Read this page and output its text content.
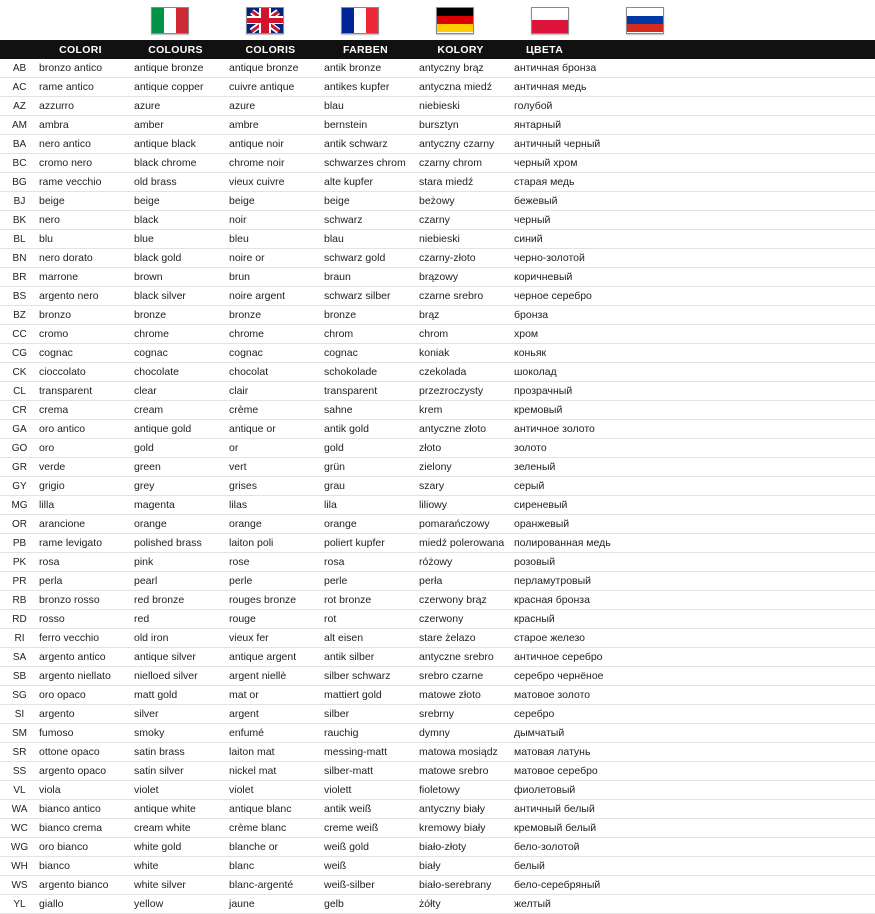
COLORI	COLOURS	COLORIS	FARBEN	KOLORY	ЦВЕТА
AB	bronzo antico	antique bronze	antique bronze	antik bronze	antyczny brąz	античная бронза	
AC	rame antico	antique copper	cuivre antique	antikes kupfer	antyczna miedź	античная медь	
AZ	azzurro	azure	azure	blau	niebieski	голубой	
AM	ambra	amber	ambre	bernstein	bursztyn	янтарный	
BA	nero antico	antique black	antique noir	antik schwarz	antyczny czarny	античный черный	
BC	cromo nero	black chrome	chrome noir	schwarzes chrom	czarny chrom	черный хром	
BG	rame vecchio	old brass	vieux cuivre	alte kupfer	stara miedź	старая медь	
BJ	beige	beige	beige	beige	beżowy	бежевый	
BK	nero	black	noir	schwarz	czarny	черный	
BL	blu	blue	bleu	blau	niebieski	синий	
BN	nero dorato	black gold	noire or	schwarz gold	czarny-złoto	черно-золотой	
BR	marrone	brown	brun	braun	brązowy	коричневый	
BS	argento nero	black silver	noire argent	schwarz silber	czarne srebro	черное серебро	
BZ	bronzo	bronze	bronze	bronze	brąz	бронза	
CC	cromo	chrome	chrome	chrom	chrom	хром	
CG	cognac	cognac	cognac	cognac	koniak	коньяк	
CK	cioccolato	chocolate	chocolat	schokolade	czekolada	шоколад	
CL	transparent	clear	clair	transparent	przezroczysty	прозрачный	
CR	crema	cream	crème	sahne	krem	кремовый	
GA	oro antico	antique gold	antique or	antik gold	antyczne złoto	античное золото	
GO	oro	gold	or	gold	złoto	золото	
GR	verde	green	vert	grün	zielony	зеленый	
GY	grigio	grey	grises	grau	szary	серый	
MG	lilla	magenta	lilas	lila	liliowy	сиреневый	
OR	arancione	orange	orange	orange	pomarańczowy	оранжевый	
PB	rame levigato	polished brass	laiton poli	poliert kupfer	miedź polerowana	полированная медь	
PK	rosa	pink	rose	rosa	różowy	розовый	
PR	perla	pearl	perle	perle	perła	перламутровый	
RB	bronzo rosso	red bronze	rouges bronze	rot bronze	czerwony brąz	красная бронза	
RD	rosso	red	rouge	rot	czerwony	красный	
RI	ferro vecchio	old iron	vieux fer	alt eisen	stare żelazo	старое железо	
SA	argento antico	antique silver	antique argent	antik silber	antyczne srebro	античное серебро	
SB	argento niellato	nielloed silver	argent niellè	silber schwarz	srebro czarne	серебро чернёное	
SG	oro opaco	matt gold	mat or	mattiert gold	matowe złoto	матовое золото	
SI	argento	silver	argent	silber	srebrny	серебро	
SM	fumoso	smoky	enfumé	rauchig	dymny	дымчатый	
SR	ottone opaco	satin brass	laiton mat	messing-matt	matowa mosiądz	матовая латунь	
SS	argento opaco	satin silver	nickel mat	silber-matt	matowe srebro	матовое серебро	
VL	viola	violet	violet	violett	fioletowy	фиолетовый	
WA	bianco antico	antique white	antique blanc	antik weiß	antyczny biały	античный белый	
WC	bianco crema	cream white	crème blanc	creme weiß	kremowy biały	кремовый белый	
WG	oro bianco	white gold	blanche or	weiß gold	biało-złoty	бело-золотой	
WH	bianco	white	blanc	weiß	biały	белый	
WS	argento bianco	white silver	blanc-argenté	weiß-silber	biało-serebrany	бело-серебряный	
YL	giallo	yellow	jaune	gelb	żółty	желтый	
